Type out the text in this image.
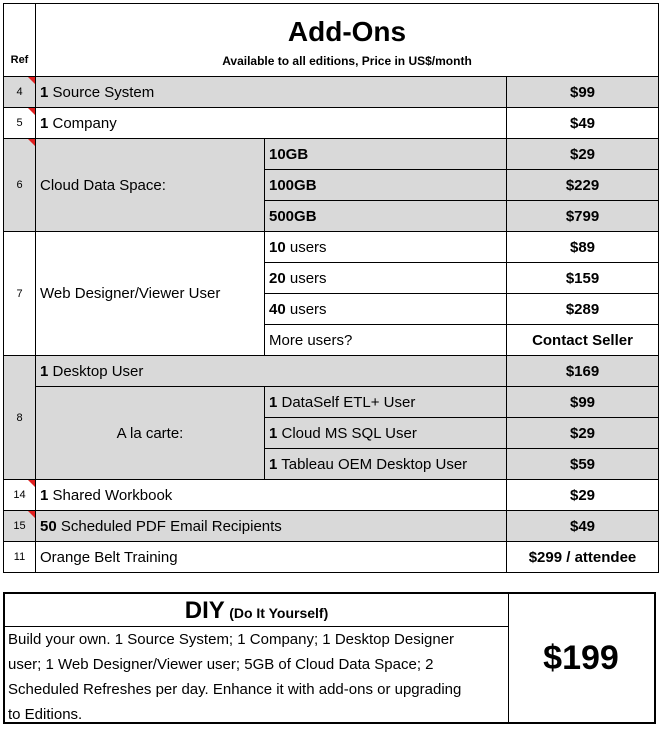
Ref	Add-Ons
Available to all editions, Price in US$/month		

4	1 Source System		$99

5	1 Company		$49

6	Cloud Data Space:	10GB	$29
		100GB	$229
		500GB	$799
7	Web Designer/Viewer User	10 users	$89
		20 users	$159
		40 users	$289
		More users?	Contact Seller
8	1 Desktop User		$169
	A la carte:	1 DataSelf ETL+ User	$99
		1 Cloud MS SQL User	$29
		1 Tableau OEM Desktop User	$59

14	1 Shared Workbook		$29

15	50 Scheduled PDF Email Recipients		$49
11	Orange Belt Training		$299 / attendee
DIY (Do It Yourself)
Build your own. 1 Source System; 1 Company; 1 Desktop Designer
user; 1 Web Designer/Viewer user; 5GB of Cloud Data Space; 2
Scheduled Refreshes per day. Enhance it with add-ons or upgrading
to Editions.
$199
